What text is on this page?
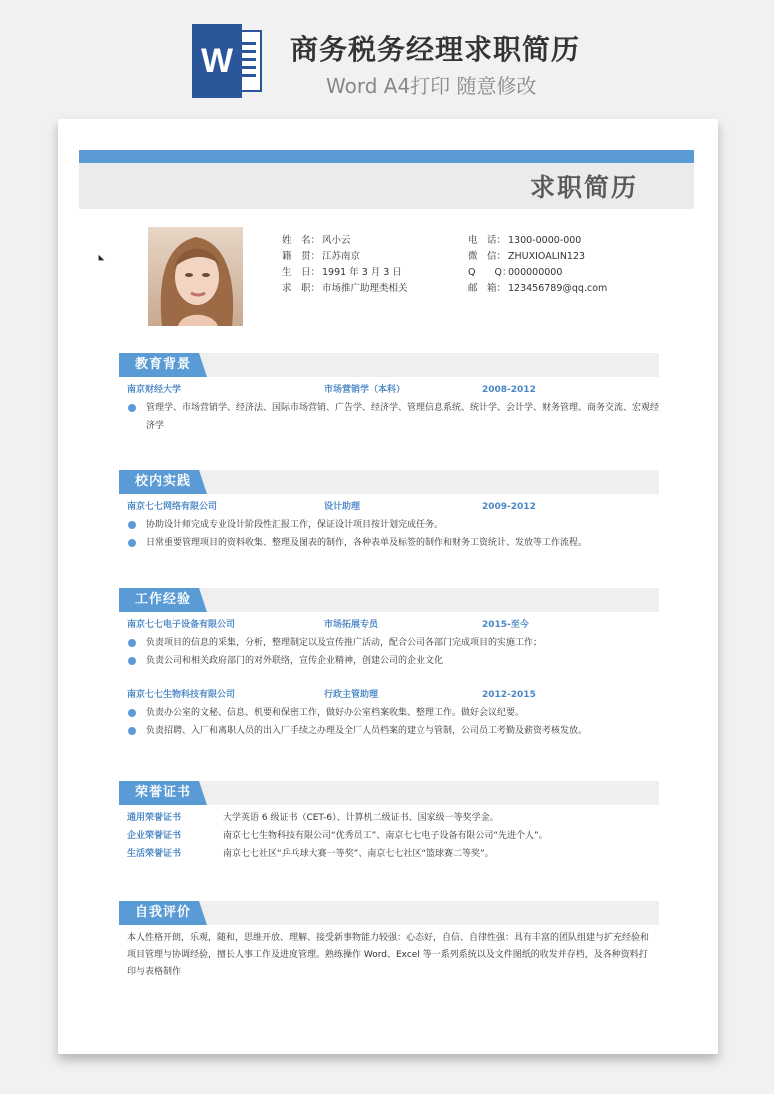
W	商务税务经理求职简历
Word A4打印 随意修改
求职简历
姓　名： 风小云
籍　贯： 江苏南京
生　日： 1991 年 3 月 3 日
求　职： 市场推广助理类相关
电　话： 1300-0000-000
微　信： ZHUXIOALIN123
Q　　Q：000000000
邮　箱： 123456789@qq.com
教育背景
南京财经大学	市场营销学（本科）	2008-2012
管理学、市场营销学、经济法、国际市场营销、广告学、经济学、管理信息系统、统计学、会计学、财务管理、商务交流、宏观经济学
校内实践
南京七七网络有限公司	设计助理	2009-2012
协助设计师完成专业设计阶段性汇报工作，保证设计项目按计划完成任务。
日常重要管理项目的资料收集、整理及图表的制作，各种表单及标签的制作和财务工资统计、发放等工作流程。
工作经验
南京七七电子设备有限公司	市场拓展专员	2015-至今
负责项目的信息的采集，分析，整理制定以及宣传推广活动，配合公司各部门完成项目的实施工作；
负责公司和相关政府部门的对外联络，宣传企业精神，创建公司的企业文化
南京七七生物科技有限公司	行政主管助理	2012-2015
负责办公室的文秘、信息、机要和保密工作，做好办公室档案收集、整理工作。做好会议纪要。
负责招聘、入厂和离职人员的出入厂手续之办理及全厂人员档案的建立与管制，公司员工考勤及薪资考核发放。
荣誉证书
通用荣誉证书	大学英语 6 级证书（CET-6）、计算机二级证书、国家级一等奖学金。
企业荣誉证书	南京七七生物科技有限公司“优秀员工”、南京七七电子设备有限公司“先进个人”。
生活荣誉证书	南京七七社区“乒乓球大赛一等奖”、南京七七社区“篮球赛二等奖”。
自我评价
本人性格开朗，乐观，随和，思维开放、理解、接受新事物能力较强：心态好，自信、自律性强：具有丰富的团队组建与扩充经验和项目管理与协调经验，擅长人事工作及进度管理。熟练操作 Word、Excel 等一系列系统以及文件图纸的收发并存档，及各种资料打印与表格制作
